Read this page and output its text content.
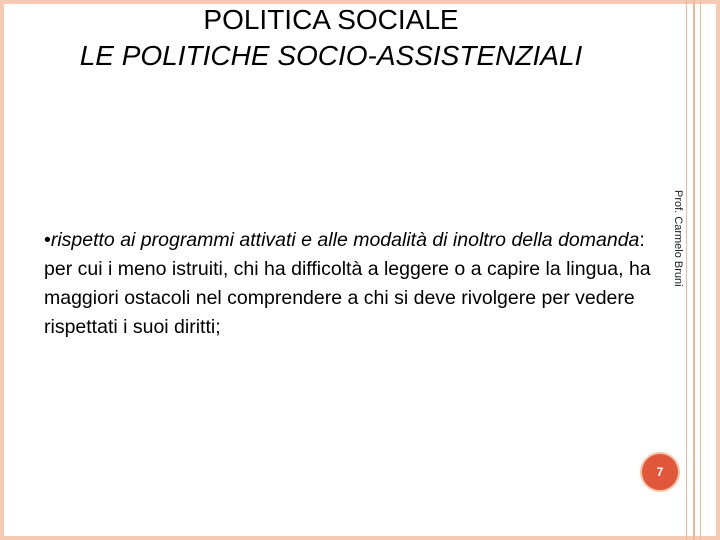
POLITICA SOCIALE
LE POLITICHE SOCIO-ASSISTENZIALI
•rispetto ai programmi attivati e alle modalità di inoltro della domanda: per cui i meno istruiti, chi ha difficoltà a leggere o a capire la lingua, ha maggiori ostacoli nel comprendere a chi si deve rivolgere per vedere rispettati i suoi diritti;
Prof. Carmelo Bruni
7
